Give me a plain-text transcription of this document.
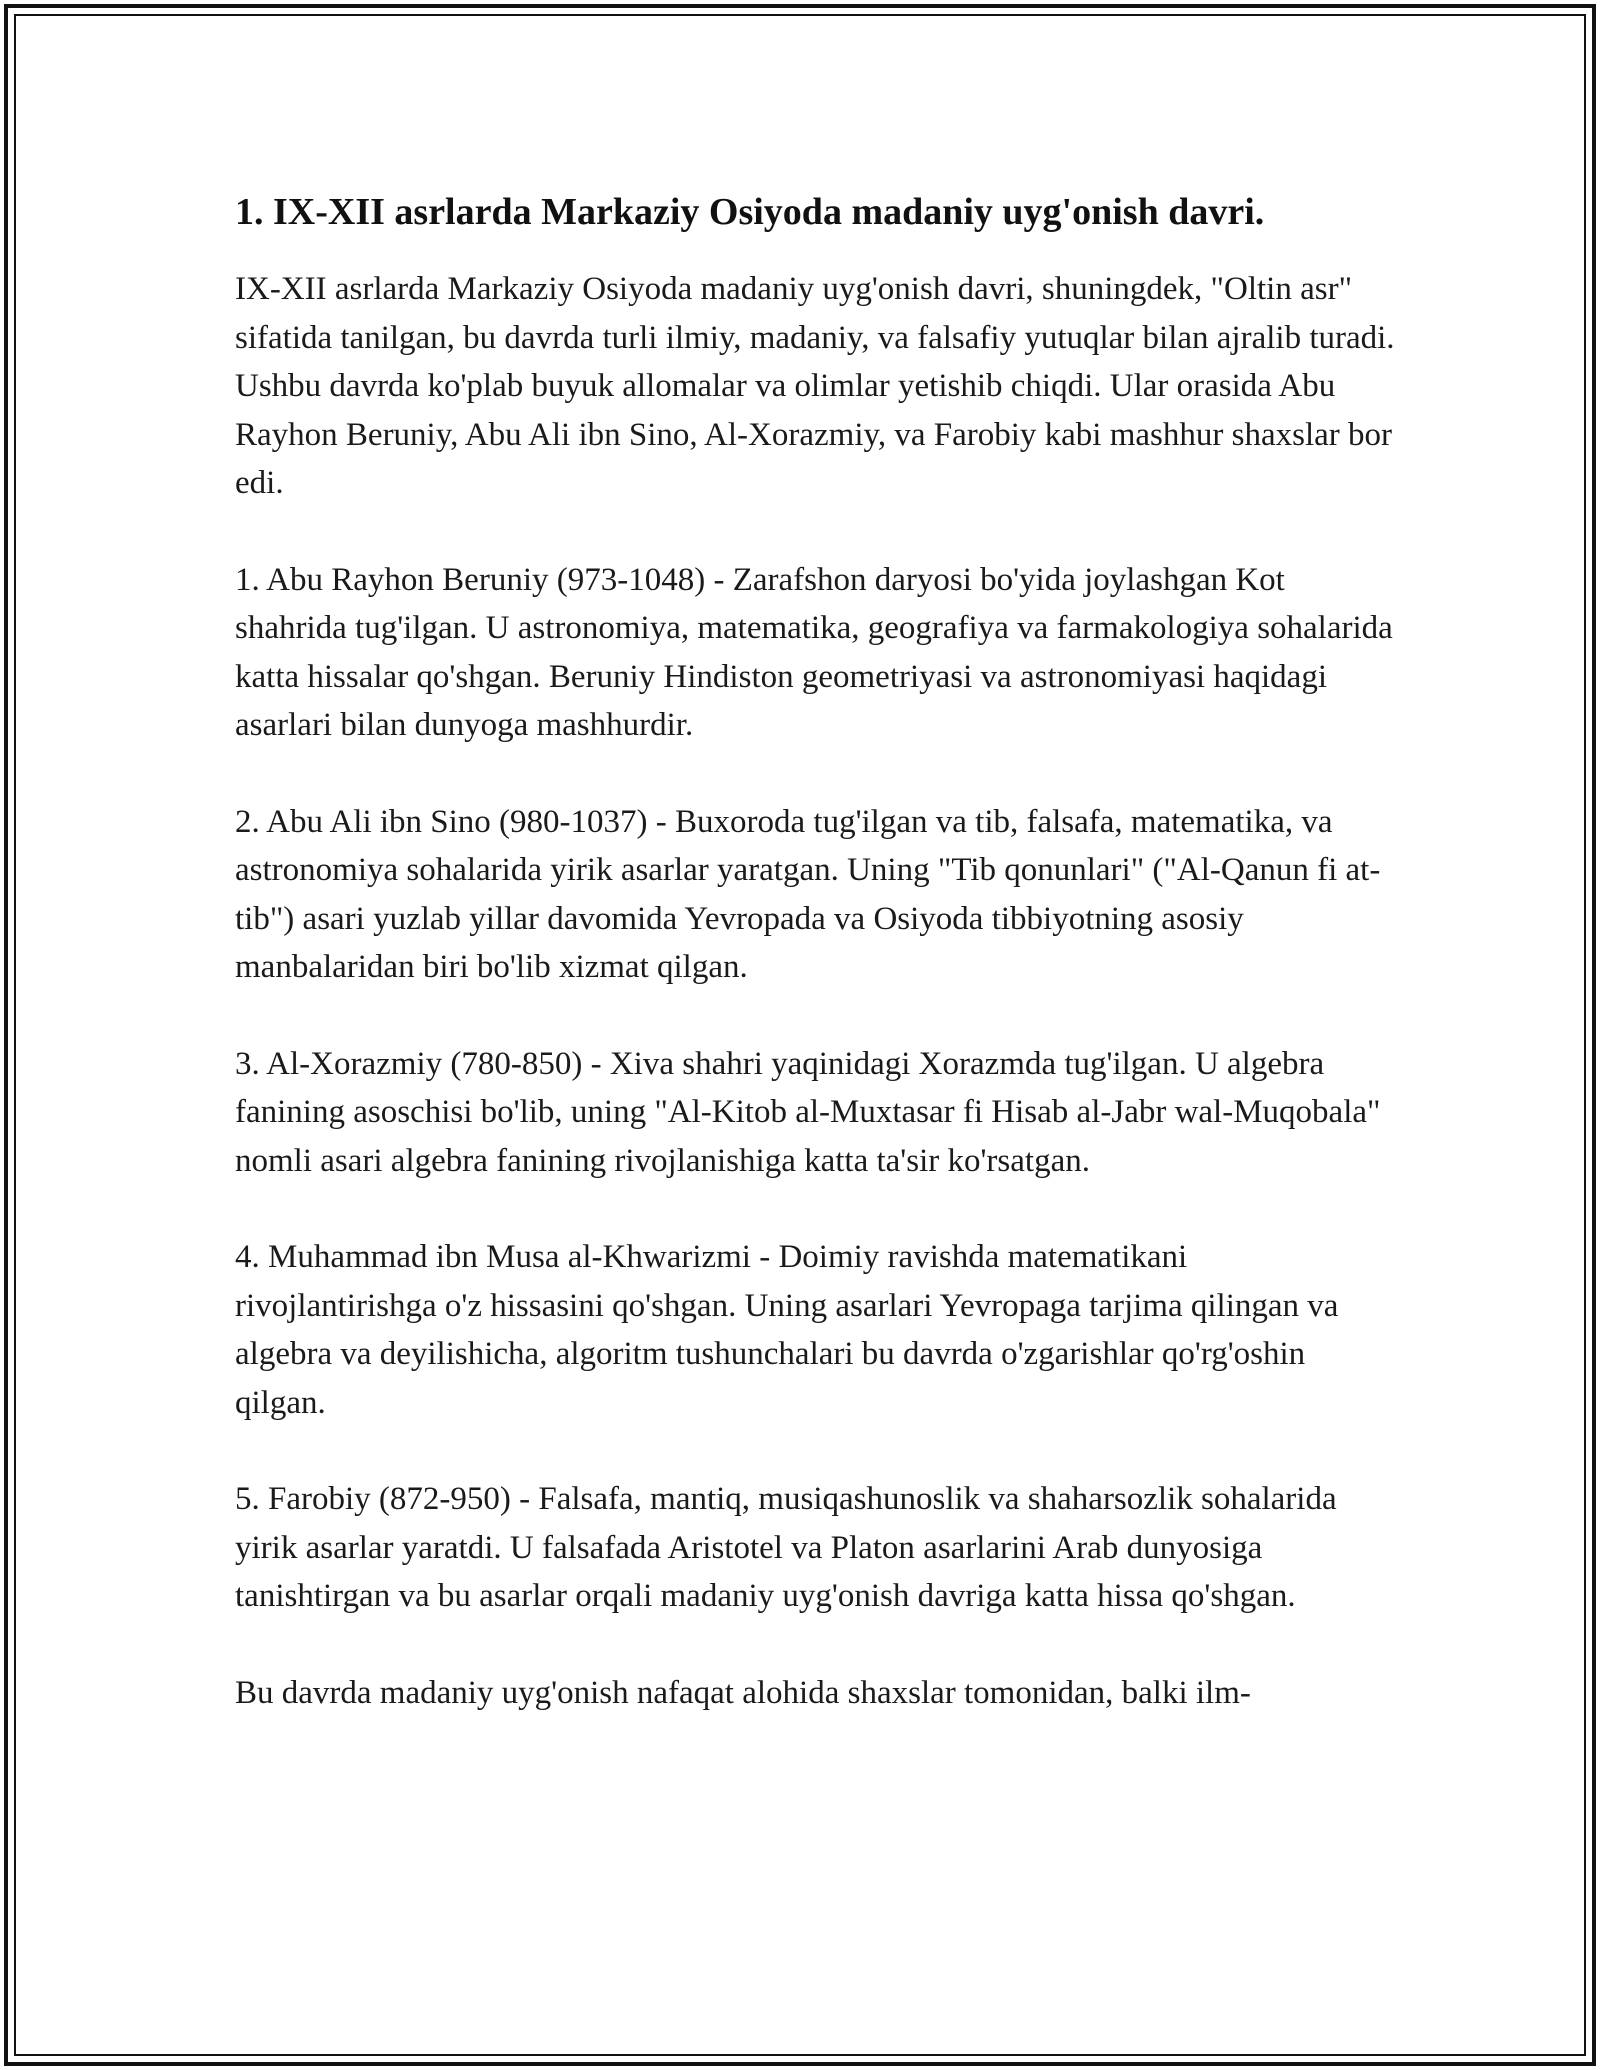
1. IX-XII asrlarda Markaziy Osiyoda madaniy uyg'onish davri.

IX-XII asrlarda Markaziy Osiyoda madaniy uyg'onish davri, shuningdek, "Oltin asr" sifatida tanilgan, bu davrda turli ilmiy, madaniy, va falsafiy yutuqlar bilan ajralib turadi. Ushbu davrda ko'plab buyuk allomalar va olimlar yetishib chiqdi. Ular orasida Abu Rayhon Beruniy, Abu Ali ibn Sino, Al-Xorazmiy, va Farobiy kabi mashhur shaxslar bor edi.

1. Abu Rayhon Beruniy (973-1048) - Zarafshon daryosi bo'yida joylashgan Kot shahrida tug'ilgan. U astronomiya, matematika, geografiya va farmakologiya sohalarida katta hissalar qo'shgan. Beruniy Hindiston geometriyasi va astronomiyasi haqidagi asarlari bilan dunyoga mashhurdir.

2. Abu Ali ibn Sino (980-1037) - Buxoroda tug'ilgan va tib, falsafa, matematika, va astronomiya sohalarida yirik asarlar yaratgan. Uning "Tib qonunlari" ("Al-Qanun fi at-tib") asari yuzlab yillar davomida Yevropada va Osiyoda tibbiyotning asosiy manbalaridan biri bo'lib xizmat qilgan.

3. Al-Xorazmiy (780-850) - Xiva shahri yaqinidagi Xorazmda tug'ilgan. U algebra fanining asoschisi bo'lib, uning "Al-Kitob al-Muxtasar fi Hisab al-Jabr wal-Muqobala" nomli asari algebra fanining rivojlanishiga katta ta'sir ko'rsatgan.

4. Muhammad ibn Musa al-Khwarizmi - Doimiy ravishda matematikani rivojlantirishga o'z hissasini qo'shgan. Uning asarlari Yevropaga tarjima qilingan va algebra va deyilishicha, algoritm tushunchalari bu davrda o'zgarishlar qo'rg'oshin qilgan.

5. Farobiy (872-950) - Falsafa, mantiq, musiqashunoslik va shaharsozlik sohalarida yirik asarlar yaratdi. U falsafada Aristotel va Platon asarlarini Arab dunyosiga tanishtirgan va bu asarlar orqali madaniy uyg'onish davriga katta hissa qo'shgan.

Bu davrda madaniy uyg'onish nafaqat alohida shaxslar tomonidan, balki ilm-
